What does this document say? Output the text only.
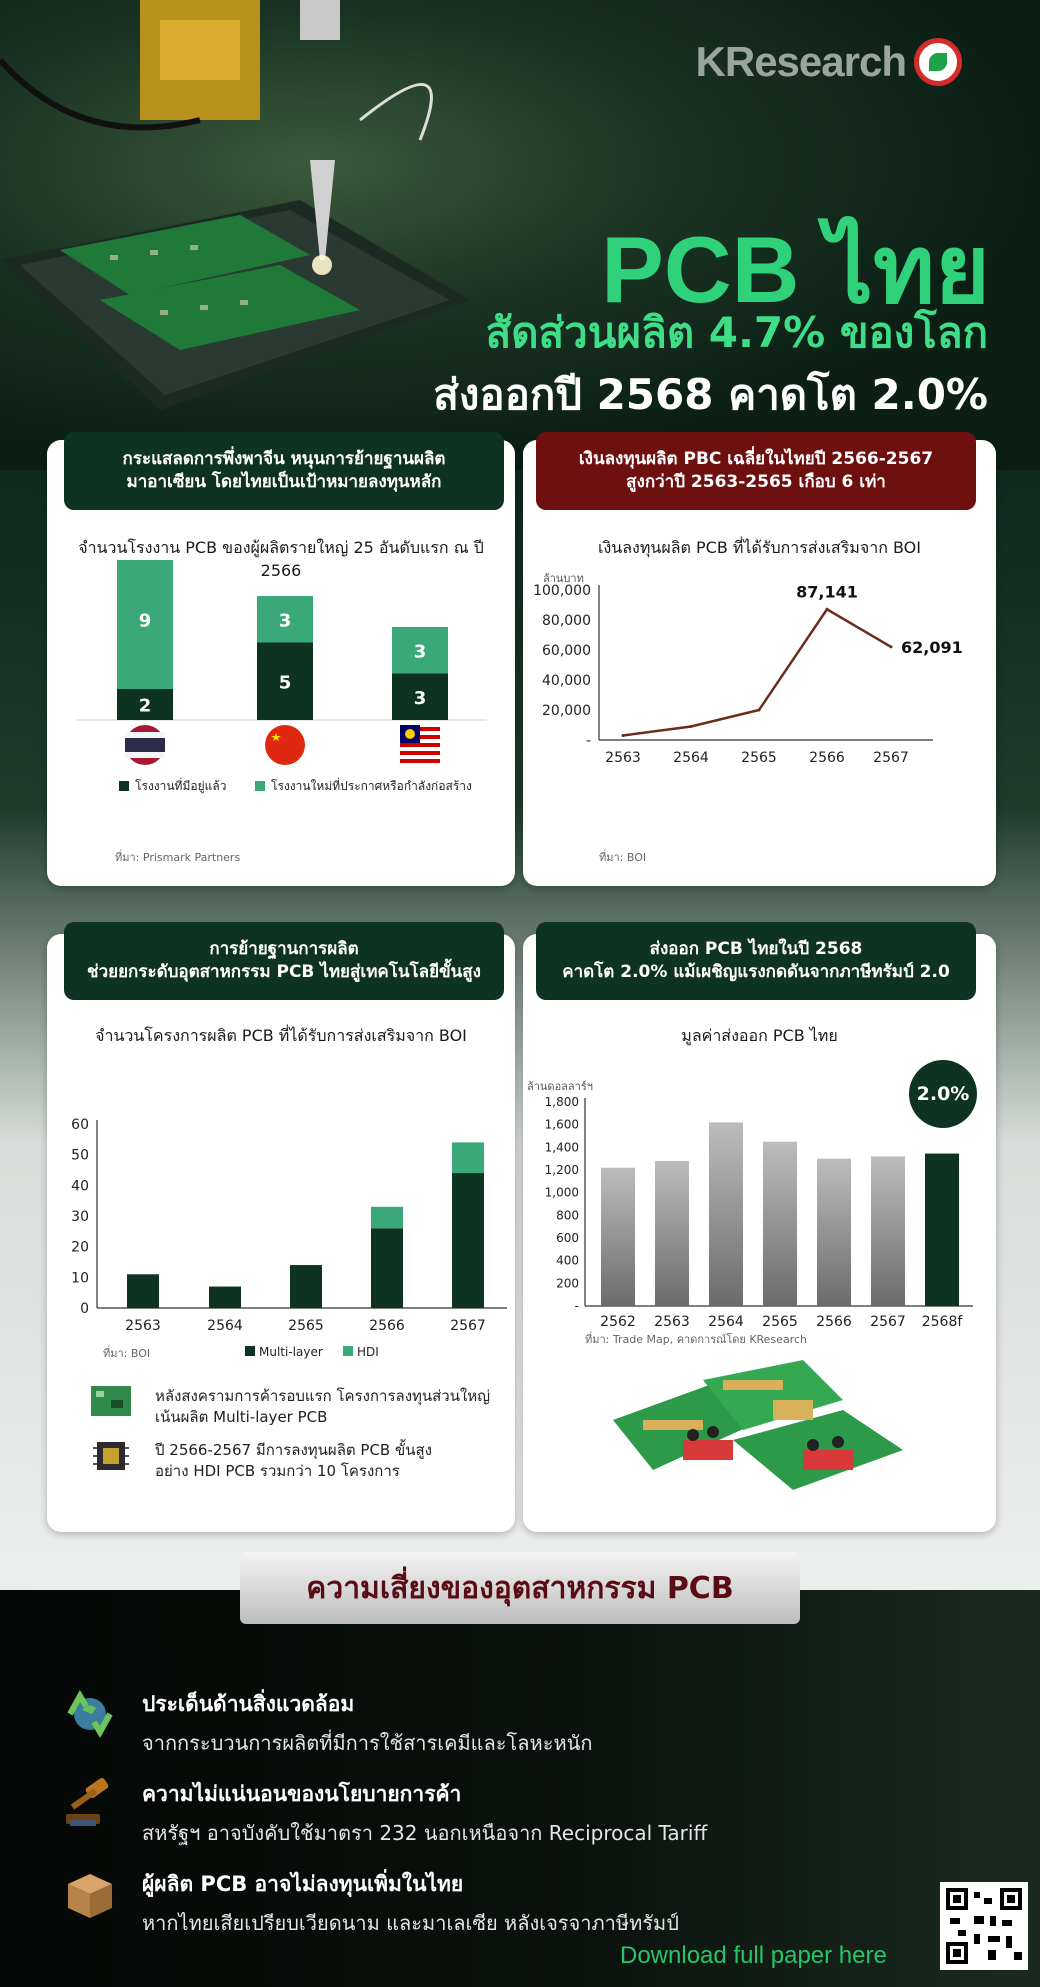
KResearch
PCB ไทย
สัดส่วนผลิต 4.7% ของโลก
ส่งออกปี 2568 คาดโต 2.0%
จำนวนโรงงาน PCB ของผู้ผลิตรายใหญ่ 25 อันดับแรก ณ ปี 2566
2
9
5
3
3
3
โรงงานที่มีอยู่แล้ว	โรงงานใหม่ที่ประกาศหรือกำลังก่อสร้าง
ที่มา: Prismark Partners
กระแสลดการพึ่งพาจีน หนุนการย้ายฐานผลิต
มาอาเซียน โดยไทยเป็นเป้าหมายลงทุนหลัก
เงินลงทุนผลิต PCB ที่ได้รับการส่งเสริมจาก BOI
ล้านบาท
-
20,000
40,000
60,000
80,000
100,000
2563 2564 2565 2566 2567
87,141
62,091
ที่มา: BOI
เงินลงทุนผลิต PBC เฉลี่ยในไทยปี 2566-2567
สูงกว่าปี 2563-2565 เกือบ 6 เท่า
จำนวนโครงการผลิต PCB ที่ได้รับการส่งเสริมจาก BOI
0
10
20
30
40
50
60
2563	2564	2565	2566	2567
Multi-layer	HDI
ที่มา: BOI
หลังสงครามการค้ารอบแรก โครงการลงทุนส่วนใหญ่
เน้นผลิต Multi-layer PCB
ปี 2566-2567 มีการลงทุนผลิต PCB ขั้นสูง
อย่าง HDI PCB รวมกว่า 10 โครงการ
การย้ายฐานการผลิต
ช่วยยกระดับอุตสาหกรรม PCB ไทยสู่เทคโนโลยีขั้นสูง
มูลค่าส่งออก PCB ไทย
2.0%
ล้านดอลลาร์ฯ
-
200
400
600
800
1,000
1,200
1,400
1,600
1,800
2562 2563 2564 2565 2566 2567 2568f
ที่มา: Trade Map, คาดการณ์โดย KResearch
ส่งออก PCB ไทยในปี 2568
คาดโต 2.0% แม้เผชิญแรงกดดันจากภาษีทรัมป์ 2.0
ความเสี่ยงของอุตสาหกรรม PCB
ประเด็นด้านสิ่งแวดล้อม
จากกระบวนการผลิตที่มีการใช้สารเคมีและโลหะหนัก
ความไม่แน่นอนของนโยบายการค้า
สหรัฐฯ อาจบังคับใช้มาตรา 232 นอกเหนือจาก Reciprocal Tariff
ผู้ผลิต PCB อาจไม่ลงทุนเพิ่มในไทย
หากไทยเสียเปรียบเวียดนาม และมาเลเซีย หลังเจรจาภาษีทรัมป์
Download full paper here
